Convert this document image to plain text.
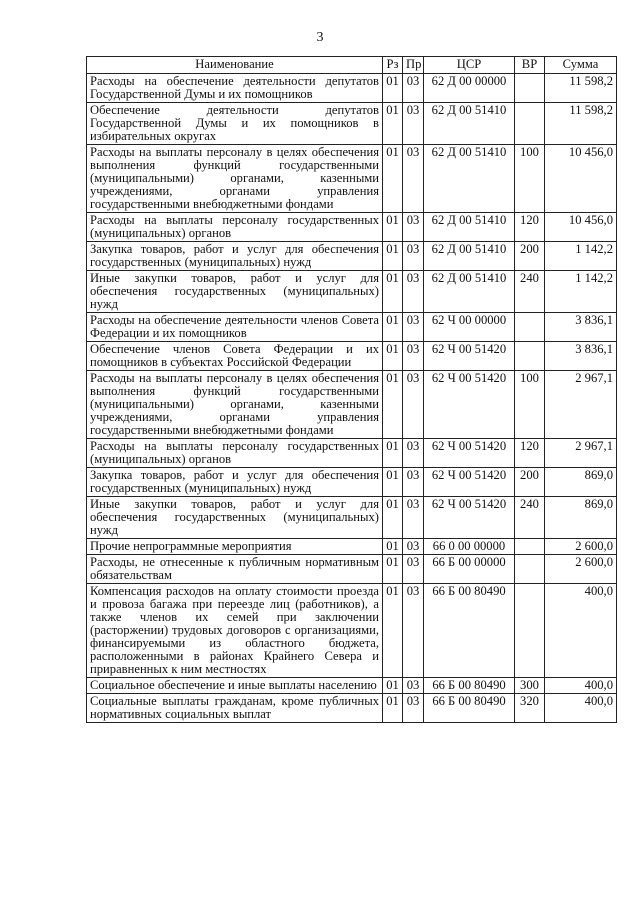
3
Наименование	Рз	Пр	ЦСР	ВР	Сумма
Расходы на обеспечение деятельности депутатов Государственной Думы и их помощников	01	03	62 Д 00 00000		11 598,2
Обеспечение деятельности депутатов Государственной Думы и их помощников в избирательных округах	01	03	62 Д 00 51410		11 598,2
Расходы на выплаты персоналу в целях обеспечения выполнения функций государственными (муниципальными) органами, казенными учреждениями, органами управления государственными внебюджетными фондами	01	03	62 Д 00 51410	100	10 456,0
Расходы на выплаты персоналу государственных (муниципальных) органов	01	03	62 Д 00 51410	120	10 456,0
Закупка товаров, работ и услуг для обеспечения государственных (муниципальных) нужд	01	03	62 Д 00 51410	200	1 142,2
Иные закупки товаров, работ и услуг для обеспечения государственных (муниципальных) нужд	01	03	62 Д 00 51410	240	1 142,2
Расходы на обеспечение деятельности членов Совета Федерации и их помощников	01	03	62 Ч 00 00000		3 836,1
Обеспечение членов Совета Федерации и их помощников в субъектах Российской Федерации	01	03	62 Ч 00 51420		3 836,1
Расходы на выплаты персоналу в целях обеспечения выполнения функций государственными (муниципальными) органами, казенными учреждениями, органами управления государственными внебюджетными фондами	01	03	62 Ч 00 51420	100	2 967,1
Расходы на выплаты персоналу государственных (муниципальных) органов	01	03	62 Ч 00 51420	120	2 967,1
Закупка товаров, работ и услуг для обеспечения государственных (муниципальных) нужд	01	03	62 Ч 00 51420	200	869,0
Иные закупки товаров, работ и услуг для обеспечения государственных (муниципальных) нужд	01	03	62 Ч 00 51420	240	869,0
Прочие непрограммные мероприятия	01	03	66 0 00 00000		2 600,0
Расходы, не отнесенные к публичным нормативным обязательствам	01	03	66 Б 00 00000		2 600,0
Компенсация расходов на оплату стоимости проезда и провоза багажа при переезде лиц (работников), а также членов их семей при заключении (расторжении) трудовых договоров с организациями, финансируемыми из областного бюджета, расположенными в районах Крайнего Севера и приравненных к ним местностях	01	03	66 Б 00 80490		400,0
Социальное обеспечение и иные выплаты населению	01	03	66 Б 00 80490	300	400,0
Социальные выплаты гражданам, кроме публичных нормативных социальных выплат	01	03	66 Б 00 80490	320	400,0
